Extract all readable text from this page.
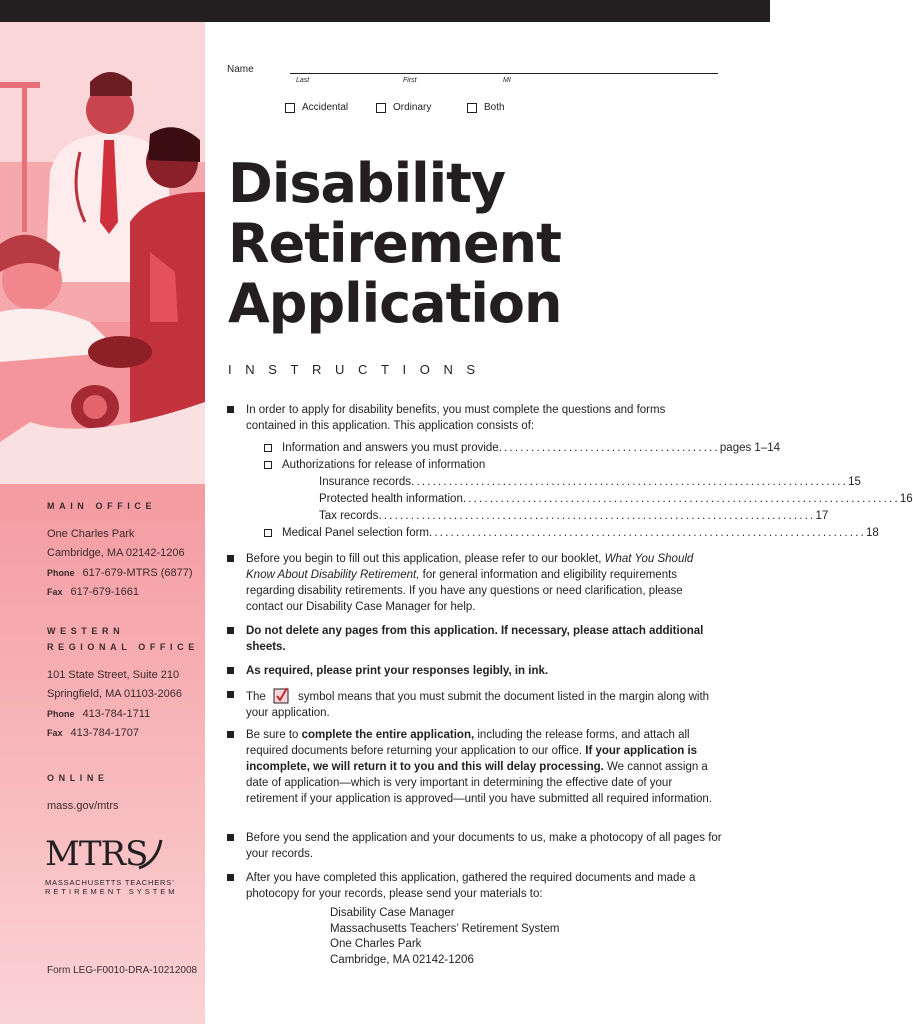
MAIN OFFICE
One Charles Park
Cambridge, MA 02142-1206
Phone 617-679-MTRS (6877)
Fax 617-679-1661
WESTERN
REGIONAL OFFICE
101 State Street, Suite 210
Springfield, MA 01103-2066
Phone 413-784-1711
Fax 413-784-1707
ONLINE
mass.gov/mtrs
MTRS
MASSACHUSETTS TEACHERS’
RETIREMENT SYSTEM
Form LEG-F0010-DRA-10212008
Name
Last	First	MI
Accidental	Ordinary	Both
Disability
Retirement
Application
INSTRUCTIONS
In order to apply for disability benefits, you must complete the questions and forms
contained in this application. This application consists of:
Information and answers you must provide ......................................... pages 1–14
Authorizations for release of information
Insurance records ................................................................................. 15
Protected health information ................................................................................. 16
Tax records ................................................................................. 17
Medical Panel selection form ................................................................................. 18
Before you begin to fill out this application, please refer to our booklet, What You Should Know About Disability Retirement, for general information and eligibility requirements regarding disability retirements. If you have any questions or need clarification, please contact our Disability Case Manager for help.
Do not delete any pages from this application. If necessary, please attach additional sheets.
As required, please print your responses legibly, in ink.
The	symbol means that you must submit the document listed in the margin along with your application.
Be sure to complete the entire application, including the release forms, and attach all required documents before returning your application to our office. If your application is incomplete, we will return it to you and this will delay processing. We cannot assign a date of application—which is very important in determining the effective date of your retirement if your application is approved—until you have submitted all required information.
Before you send the application and your documents to us, make a photocopy of all pages for your records.
After you have completed this application, gathered the required documents and made a photocopy for your records, please send your materials to:
Disability Case Manager
Massachusetts Teachers’ Retirement System
One Charles Park
Cambridge, MA 02142-1206
